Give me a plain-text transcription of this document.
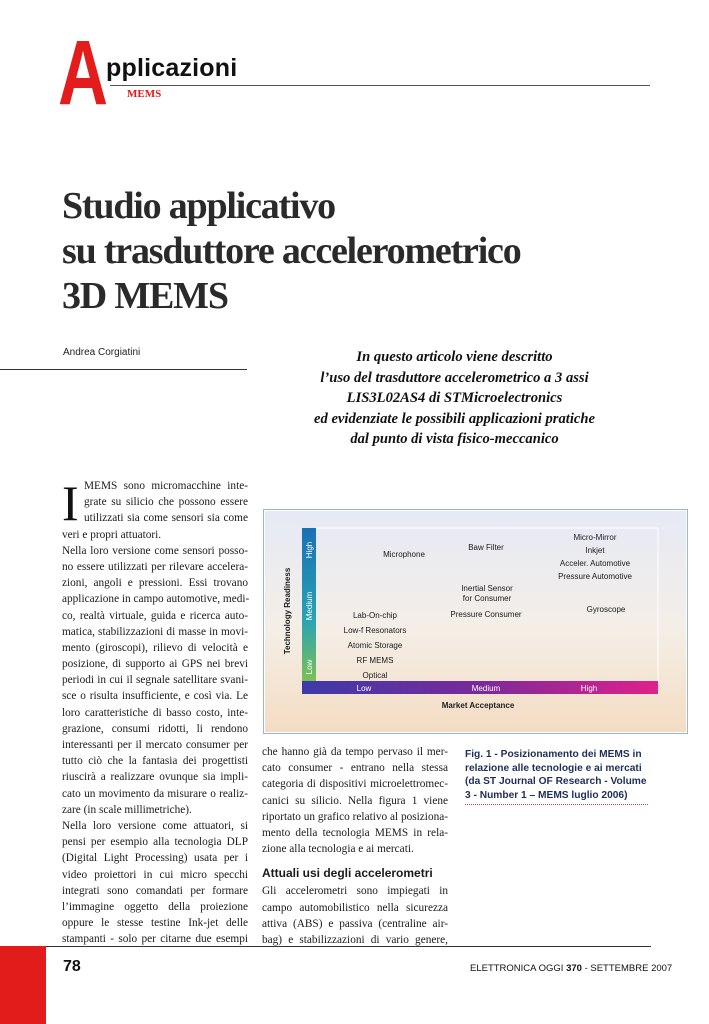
A
pplicazioni
MEMS
Studio applicativo
su trasduttore accelerometrico
3D MEMS
Andrea Corgiatini	In questo articolo viene descritto
l’uso del trasduttore accelerometrico a 3 assi
LIS3L02AS4 di STMicroelectronics
ed evidenziate le possibili applicazioni pratiche
dal punto di vista fisico-meccanico
I MEMS sono micromacchine inte-
grate su silicio che possono essere
utilizzati sia come sensori sia come
veri e propri attuatori.
Nella loro versione come sensori posso-
no essere utilizzati per rilevare accelera-
zioni, angoli e pressioni. Essi trovano
applicazione in campo automotive, medi-
co, realtà virtuale, guida e ricerca auto-
matica, stabilizzazioni di masse in movi-
mento (giroscopi), rilievo di velocità e
posizione, di supporto ai GPS nei brevi
periodi in cui il segnale satellitare svani-
sce o risulta insufficiente, e così via. Le
loro caratteristiche di basso costo, inte-
grazione, consumi ridotti, li rendono
interessanti per il mercato consumer per
tutto ciò che la fantasia dei progettisti
riuscirà a realizzare ovunque sia impli-
cato un movimento da misurare o realiz-
zare (in scale millimetriche).
Nella loro versione come attuatori, si
pensi per esempio alla tecnologia DLP
(Digital Light Processing) usata per i
video proiettori in cui micro specchi
integrati sono comandati per formare
l’immagine oggetto della proiezione
oppure le stesse testine Ink-jet delle
stampanti - solo per citarne due esempi
Technology Readiness
Market Acceptance
Low
Medium
High
Low	Medium	High
Microphone
Baw Filter
Micro-Mirror
Inkjet
Acceler. Automotive
Pressure Automotive
Inertial Sensor
for Consumer
Pressure Consumer
Gyroscope
Lab-On-chip
Low-f Resonators
Atomic Storage
RF MEMS
Optical
Fig. 1 - Posizionamento dei MEMS in
relazione alle tecnologie e ai mercati
(da ST Journal OF Research - Volume
3 - Number 1 – MEMS luglio 2006)
che hanno già da tempo pervaso il mer-
cato consumer - entrano nella stessa
categoria di dispositivi microelettromec-
canici su silicio. Nella figura 1 viene
riportato un grafico relativo al posiziona-
mento della tecnologia MEMS in rela-
zione alla tecnologia e ai mercati.
Attuali usi degli accelerometri
Gli accelerometri sono impiegati in
campo automobilistico nella sicurezza
attiva (ABS) e passiva (centraline air-
bag) e stabilizzazioni di vario genere,
78	ELETTRONICA OGGI 370 - SETTEMBRE 2007
